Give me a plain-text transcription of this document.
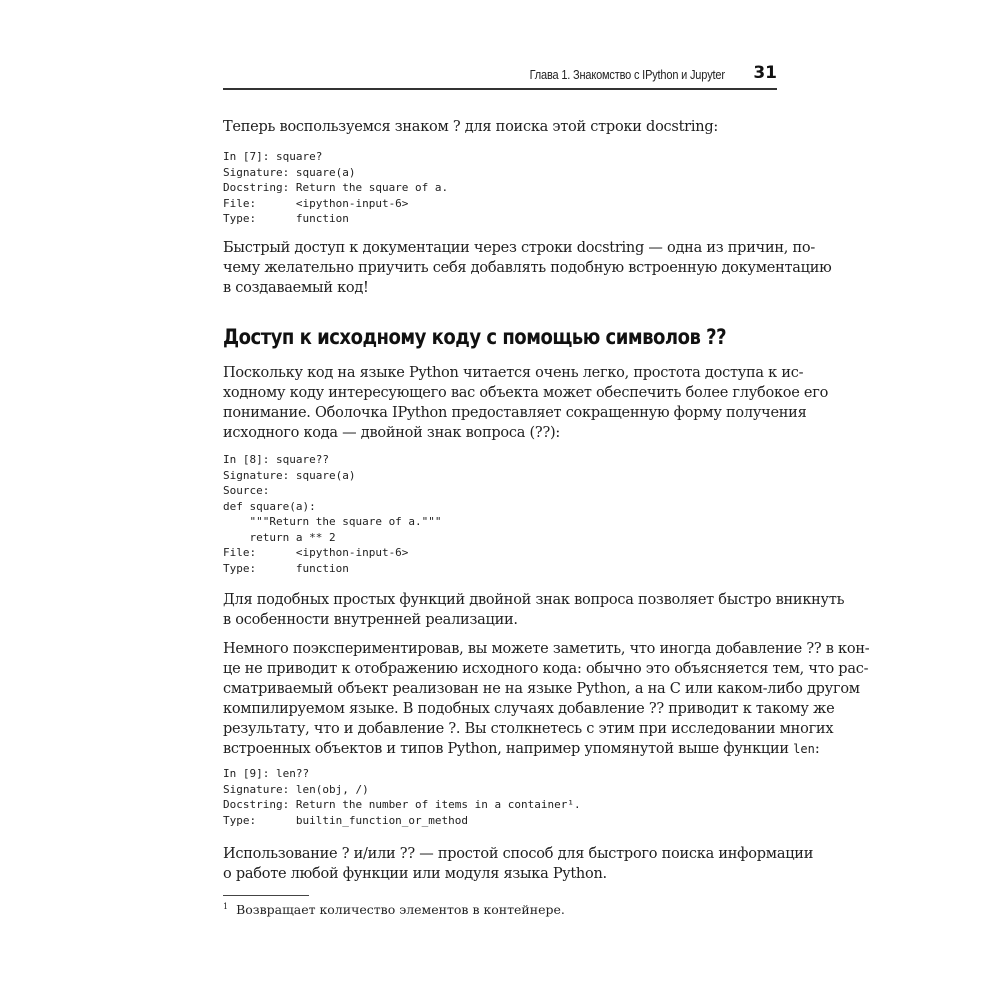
Глава 1. Знакомство с IPython и Jupyter 31

Теперь воспользуемся знаком ? для поиска этой строки docstring:

In [7]: square?
Signature: square(a)
Docstring: Return the square of a.
File:      <ipython-input-6>
Type:      function

Быстрый доступ к документации через строки docstring — одна из причин, по-
чему желательно приучить себя добавлять подобную встроенную документацию
в создаваемый код!

Доступ к исходному коду с помощью символов ??

Поскольку код на языке Python читается очень легко, простота доступа к ис-
ходному коду интересующего вас объекта может обеспечить более глубокое его
понимание. Оболочка IPython предоставляет сокращенную форму получения
исходного кода — двойной знак вопроса (??):

In [8]: square??
Signature: square(a)
Source:
def square(a):
"""Return the square of a."""
return a ** 2
File:      <ipython-input-6>
Type:      function

Для подобных простых функций двойной знак вопроса позволяет быстро вникнуть
в особенности внутренней реализации.

Немного поэкспериментировав, вы можете заметить, что иногда добавление ?? в кон-
це не приводит к отображению исходного кода: обычно это объясняется тем, что рас-
сматриваемый объект реализован не на языке Python, а на C или каком-либо другом
компилируемом языке. В подобных случаях добавление ?? приводит к такому же
результату, что и добавление ?. Вы столкнетесь с этим при исследовании многих
встроенных объектов и типов Python, например упомянутой выше функции len:

In [9]: len??
Signature: len(obj, /)
Docstring: Return the number of items in a container¹.
Type:      builtin_function_or_method

Использование ? и/или ?? — простой способ для быстрого поиска информации
о работе любой функции или модуля языка Python.

$^1$ Возвращает количество элементов в контейнере.
